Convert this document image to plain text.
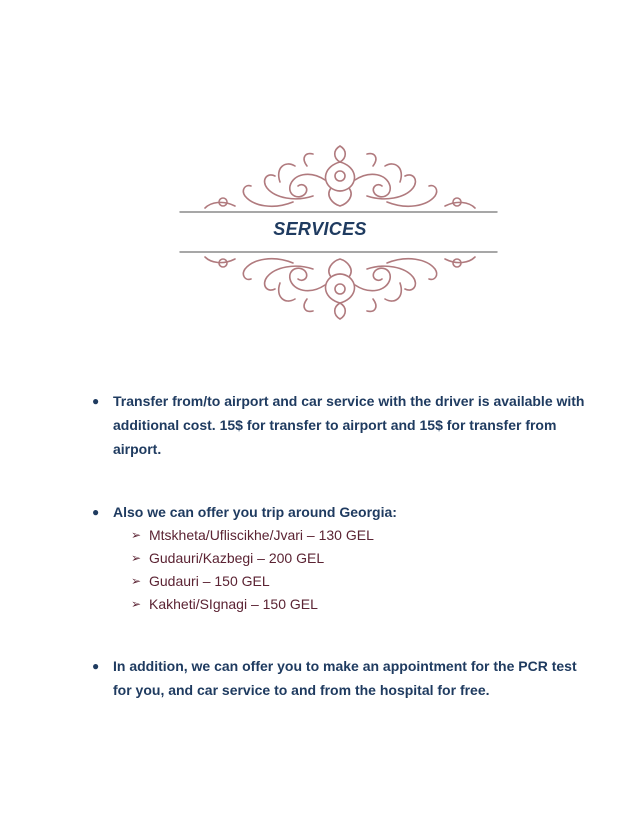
SERVICES
● Transfer from/to airport and car service with the driver is available with additional cost. 15$ for transfer to airport and 15$ for transfer from airport.
● Also we can offer you trip around Georgia:
➢ Mtskheta/Ufliscikhe/Jvari – 130 GEL
➢ Gudauri/Kazbegi – 200 GEL
➢ Gudauri – 150 GEL
➢ Kakheti/SIgnagi – 150 GEL
● In addition, we can offer you to make an appointment for the PCR test for you, and car service to and from the hospital for free.
